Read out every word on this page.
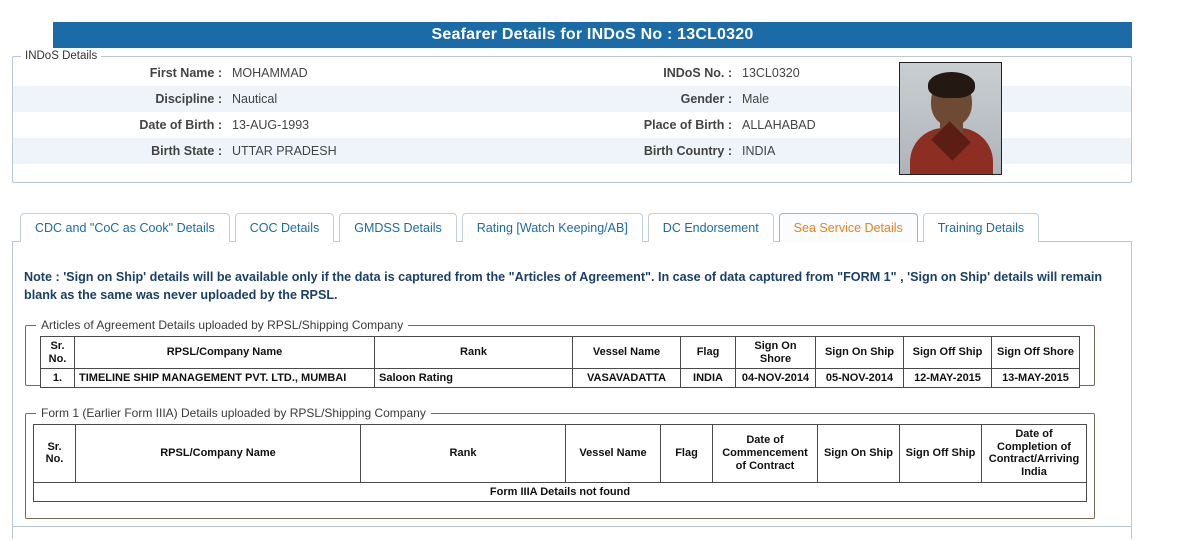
Seafarer Details for INDoS No : 13CL0320
INDoS Details
First Name :	MOHAMMAD	INDoS No. :	13CL0320	
Discipline :	Nautical	Gender :	Male	
Date of Birth :	13-AUG-1993	Place of Birth :	ALLAHABAD	
Birth State :	UTTAR PRADESH	Birth Country :	INDIA	
CDC and "CoC as Cook" Details	COC Details	GMDSS Details	Rating [Watch Keeping/AB]	DC Endorsement	Sea Service Details	Training Details
Note : 'Sign on Ship' details will be available only if the data is captured from the "Articles of Agreement". In case of data captured from "FORM 1" , 'Sign on Ship' details will remain blank as the same was never uploaded by the RPSL.
Articles of Agreement Details uploaded by RPSL/Shipping Company
Sr. No.	RPSL/Company Name	Rank	Vessel Name	Flag	Sign On Shore	Sign On Ship	Sign Off Ship	Sign Off Shore
1.	TIMELINE SHIP MANAGEMENT PVT. LTD., MUMBAI	Saloon Rating	VASAVADATTA	INDIA	04-NOV-2014	05-NOV-2014	12-MAY-2015	13-MAY-2015
Form 1 (Earlier Form IIIA) Details uploaded by RPSL/Shipping Company
Sr. No.	RPSL/Company Name	Rank	Vessel Name	Flag	Date of Commencement of Contract	Sign On Ship	Sign Off Ship	Date of Completion of Contract/Arriving India
Form IIIA Details not found
